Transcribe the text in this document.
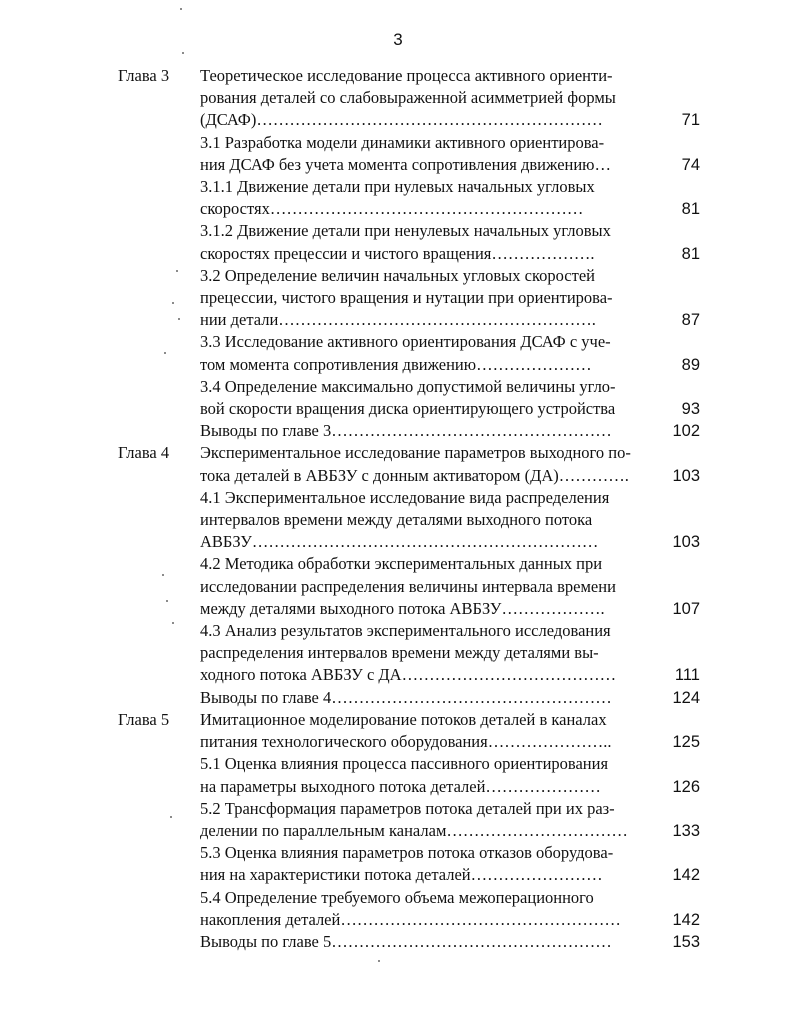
3
Глава 3 Теоретическое исследование процесса активного ориенти-
рования деталей со слабовыраженной асимметрией формы
(ДСАФ)………………………………………………………	71
3.1 Разработка модели динамики активного ориентирова-
ния ДСАФ без учета момента сопротивления движению…	74
3.1.1 Движение детали при нулевых начальных угловых
скоростях…………………………………………………	81
3.1.2 Движение детали при ненулевых начальных угловых
скоростях прецессии и чистого вращения……………….	81
3.2 Определение величин начальных угловых скоростей
прецессии, чистого вращения и нутации при ориентирова-
нии детали………………………………………………….	87
3.3 Исследование активного ориентирования ДСАФ с уче-
том момента сопротивления движению…………………	89
3.4 Определение максимально допустимой величины угло-
вой скорости вращения диска ориентирующего устройства	93
Выводы по главе 3……………………………………………	102
Глава 4 Экспериментальное исследование параметров выходного по-
тока деталей в АВБЗУ с донным активатором (ДА)………….	103
4.1 Экспериментальное исследование вида распределения
интервалов времени между деталями выходного потока
АВБЗУ………………………………………………………	103
4.2 Методика обработки экспериментальных данных при
исследовании распределения величины интервала времени
между деталями выходного потока АВБЗУ……………….	107
4.3 Анализ результатов экспериментального исследования
распределения интервалов времени между деталями вы-
ходного потока АВБЗУ с ДА…………………………………	111
Выводы по главе 4……………………………………………	124
Глава 5 Имитационное моделирование потоков деталей в каналах
питания технологического оборудования…………………..	125
5.1 Оценка влияния процесса пассивного ориентирования
на параметры выходного потока деталей…………………	126
5.2 Трансформация параметров потока деталей при их раз-
делении по параллельным каналам……………………………	133
5.3 Оценка влияния параметров потока отказов оборудова-
ния на характеристики потока деталей……………………	142
5.4 Определение требуемого объема межоперационного
накопления деталей……………………………………………	142
Выводы по главе 5……………………………………………	153
